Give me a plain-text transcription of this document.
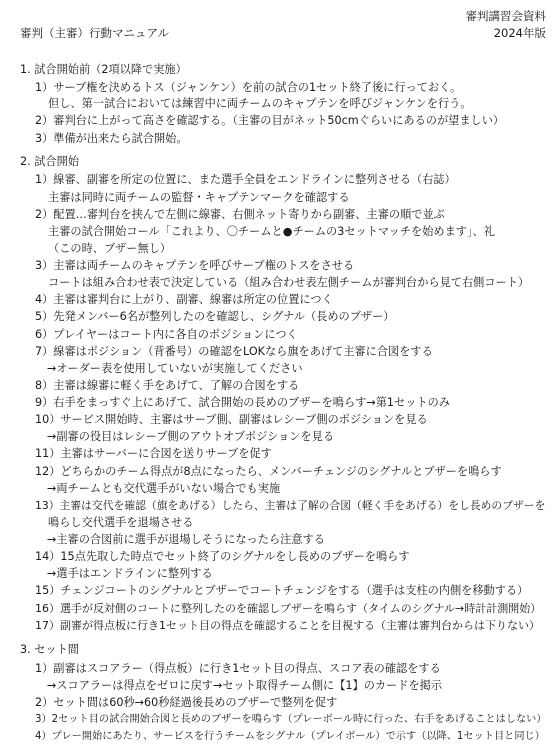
審判講習会資料
2024年版
審判（主審）行動マニュアル
1. 試合開始前（2項以降で実施）
1）サーブ権を決めるトス（ジャンケン）を前の試合の1セット終了後に行っておく。
但し、第一試合においては練習中に両チームのキャプテンを呼びジャンケンを行う。
2）審判台に上がって高さを確認する。（主審の目がネット50cmぐらいにあるのが望ましい）
3）準備が出来たら試合開始。
2. 試合開始
1）線審、副審を所定の位置に、また選手全員をエンドラインに整列させる（右誌）
主審は同時に両チームの監督・キャプテンマークを確認する
2）配置…審判台を挟んで左側に線審、右側ネット寄りから副審、主審の順で並ぶ
主審の試合開始コール「これより、〇チームと●チームの3セットマッチを始めます」、礼
（この時、ブザー無し）
3）主審は両チームのキャプテンを呼びサーブ権のトスをさせる
コートは組み合わせ表で決定している（組み合わせ表左側チームが審判台から見て右側コート）
4）主審は審判台に上がり、副審、線審は所定の位置につく
5）先発メンバー6名が整列したのを確認し、シグナル（長めのブザー）
6）プレイヤーはコート内に各自のポジションにつく
7）線審はポジション（背番号）の確認をLOKなら旗をあげて主審に合図をする
→オーダー表を使用していないが実施してください
8）主審は線審に軽く手をあげて、了解の合図をする
9）右手をまっすぐ上にあげて、試合開始の長めのブザーを鳴らす→第1セットのみ
10）サービス開始時、主審はサーブ側、副審はレシーブ側のポジションを見る
→副審の役目はレシーブ側のアウトオブポジションを見る
11）主審はサーバーに合図を送りサーブを促す
12）どちらかのチーム得点が8点になったら、メンバーチェンジのシグナルとブザーを鳴らす
→両チームとも交代選手がいない場合でも実施
13）主審は交代を確認（旗をあげる）したら、主審は了解の合図（軽く手をあげる）をし長めのブザーを
鳴らし交代選手を退場させる
→主審の合図前に選手が退場しそうになったら注意する
14）15点先取した時点でセット終了のシグナルをし長めのブザーを鳴らす
→選手はエンドラインに整列する
15）チェンジコートのシグナルとブザーでコートチェンジをする（選手は支柱の内側を移動する）
16）選手が反対側のコートに整列したのを確認しブザーを鳴らす（タイムのシグナル→時計計測開始）
17）副審が得点板に行き1セット目の得点を確認することを目視する（主審は審判台からは下りない）
3. セット間
1）副審はスコアラー（得点板）に行き1セット目の得点、スコア表の確認をする
→スコアラーは得点をゼロに戻す→セット取得チーム側に【1】のカードを掲示
2）セット間は60秒→60秒経過後長めのブザーで整列を促す
3）2セット目の試合開始合図と長めのブザーを鳴らす（プレーボール時に行った、右手をあげることはしない）
4）プレー開始にあたり、サービスを行うチームをシグナル（プレイボール）で示す（以降、1セット目と同じ）
